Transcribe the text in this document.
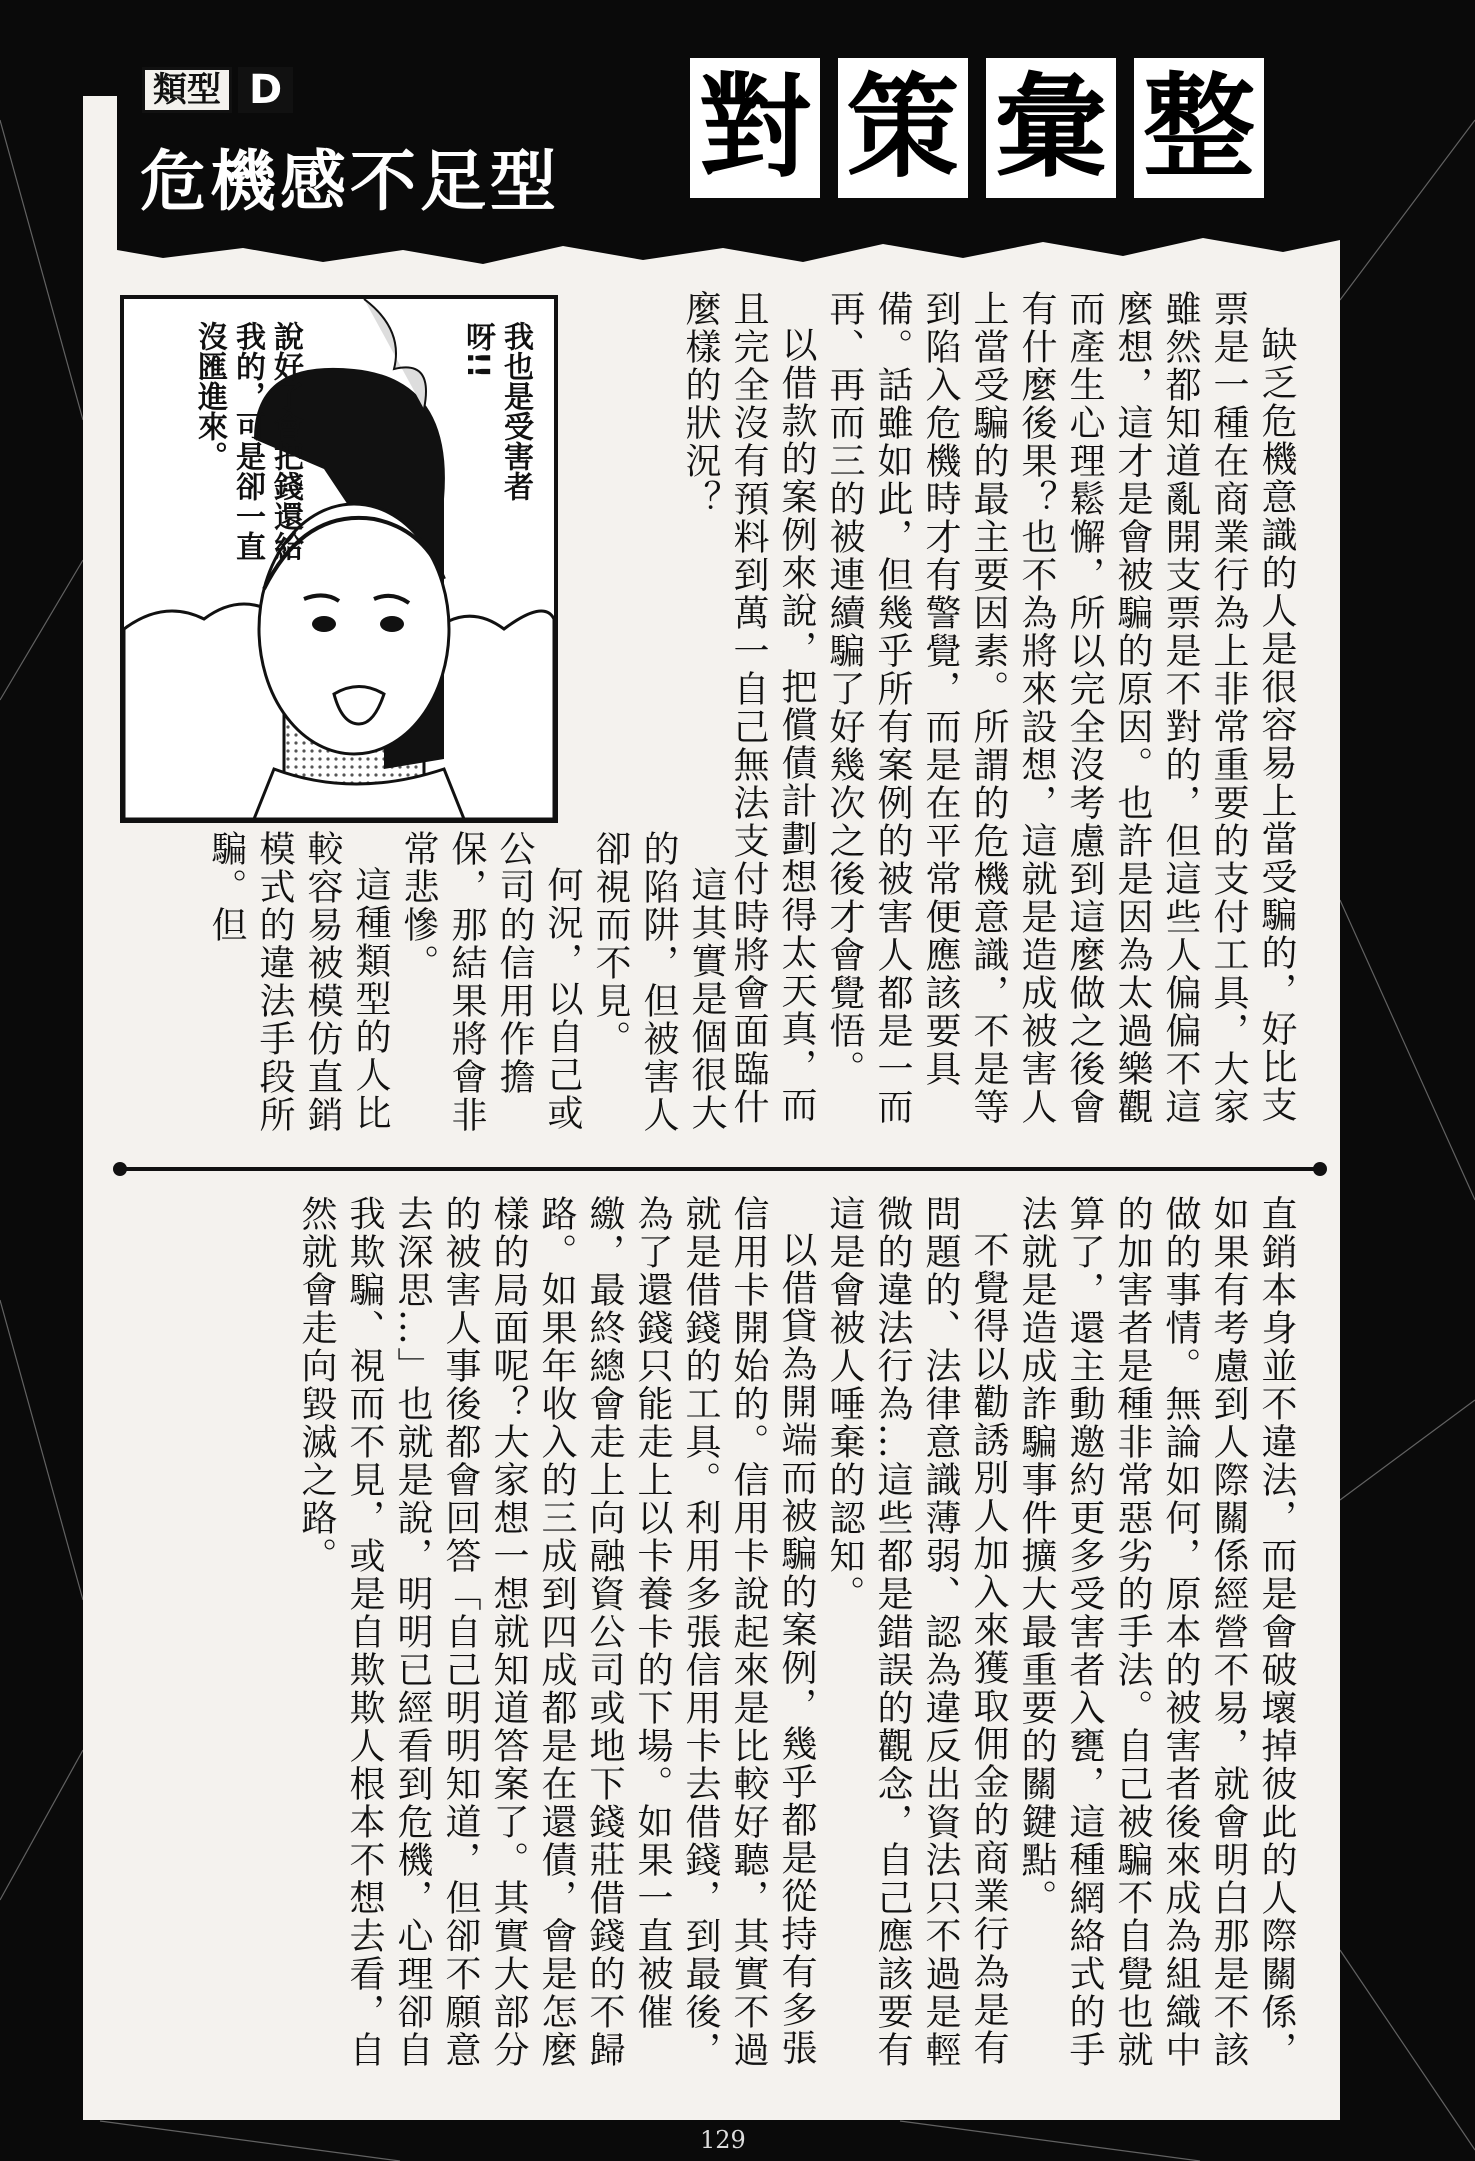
類型 D
危機感不足型 對 策 彙 整
我也是受害者呀!!
說好了會把錢還給我的，可是卻一直沒匯進來。	缺乏危機意識的人是很容易上當受騙的，好比支票是一種在商業行為上非常重要的支付工具，大家雖然都知道亂開支票是不對的，但這些人偏偏不這麼想，這才是會被騙的原因。也許是因為太過樂觀而產生心理鬆懈，所以完全沒考慮到這麼做之後會有什麼後果？也不為將來設想，這就是造成被害人上當受騙的最主要因素。所謂的危機意識，不是等到陷入危機時才有警覺，而是在平常便應該要具備。話雖如此，但幾乎所有案例的被害人都是一而再、再而三的被連續騙了好幾次之後才會覺悟。

以借款的案例來說，把償債計劃想得太天真，而且完全沒有預料到萬一自己無法支付時將會面臨什麼樣的狀況？

這其實是個很大的陷阱，但被害人卻視而不見。

何況，以自己或公司的信用作擔保，那結果將會非常悲慘。

這種類型的人比較容易被模仿直銷模式的違法手段所騙。但

直銷本身並不違法，而是會破壞掉彼此的人際關係，如果有考慮到人際關係經營不易，就會明白那是不該做的事情。無論如何，原本的被害者後來成為組織中的加害者是種非常惡劣的手法。自己被騙不自覺也就算了，還主動邀約更多受害者入甕，這種網絡式的手法就是造成詐騙事件擴大最重要的關鍵點。

不覺得以勸誘別人加入來獲取佣金的商業行為是有問題的、法律意識薄弱、認為違反出資法只不過是輕微的違法行為…這些都是錯誤的觀念，自己應該要有這是會被人唾棄的認知。

以借貸為開端而被騙的案例，幾乎都是從持有多張信用卡開始的。信用卡說起來是比較好聽，其實不過就是借錢的工具。利用多張信用卡去借錢，到最後，為了還錢只能走上以卡養卡的下場。如果一直被催繳，最終總會走上向融資公司或地下錢莊借錢的不歸路。如果年收入的三成到四成都是在還債，會是怎麼樣的局面呢？大家想一想就知道答案了。其實大部分的被害人事後都會回答「自己明明知道，但卻不願意去深思…」也就是說，明明已經看到危機，心理卻自我欺騙、視而不見，或是自欺欺人根本不想去看，自然就會走向毀滅之路。

129
